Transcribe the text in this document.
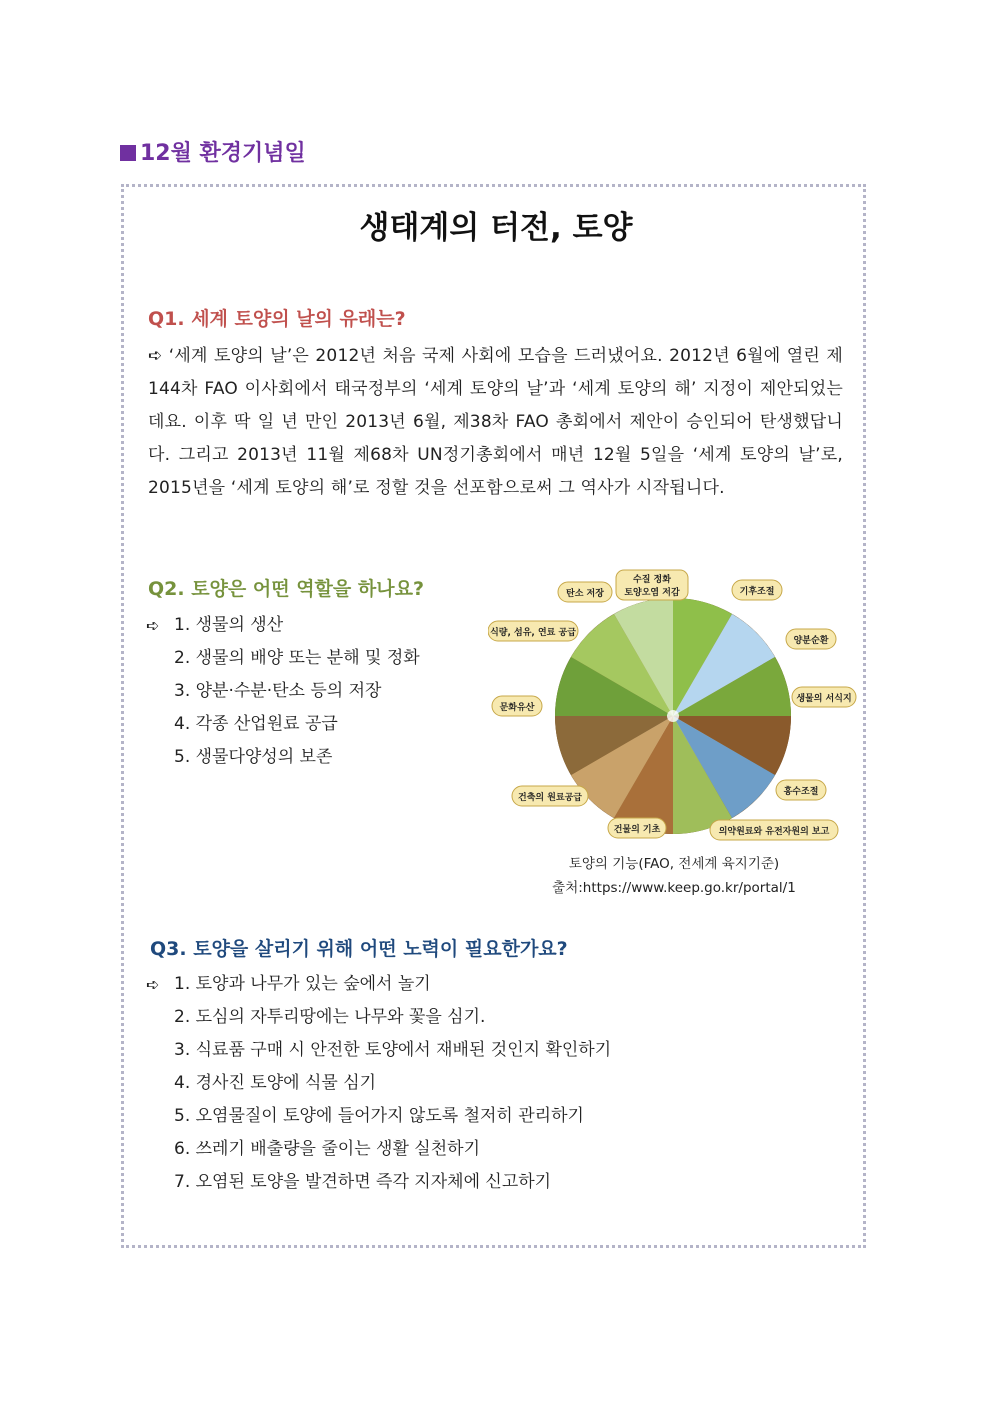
12월 환경기념일
생태계의 터전, 토양
Q1. 세계 토양의 날의 유래는?
➪ ‘세계 토양의 날’은 2012년 처음 국제 사회에 모습을 드러냈어요. 2012년 6월에 열린 제144차 FAO 이사회에서 태국정부의 ‘세계 토양의 날’과 ‘세계 토양의 해’ 지정이 제안되었는데요. 이후 딱 일 년 만인 2013년 6월, 제38차 FAO 총회에서 제안이 승인되어 탄생했답니다. 그리고 2013년 11월 제68차 UN정기총회에서 매년 12월 5일을 ‘세계 토양의 날’로, 2015년을 ‘세계 토양의 해’로 정할 것을 선포함으로써 그 역사가 시작됩니다.
Q2. 토양은 어떤 역할을 하나요?
➪ 1. 생물의 생산
2. 생물의 배양 또는 분해 및 정화
3. 양분·수분·탄소 등의 저장
4. 각종 산업원료 공급
5. 생물다양성의 보존
탄소 저장
수질 정화
토양오염 저감	기후조절
식량, 섬유, 연료 공급
양분순환
문화유산
생물의 서식지
건축의 원료공급
홍수조절
건물의 기초	의약원료와 유전자원의 보고
토양의 기능(FAO, 전세계 육지기준)
출처:https://www.keep.go.kr/portal/1
Q3. 토양을 살리기 위해 어떤 노력이 필요한가요?
➪ 1. 토양과 나무가 있는 숲에서 놀기
2. 도심의 자투리땅에는 나무와 꽃을 심기.
3. 식료품 구매 시 안전한 토양에서 재배된 것인지 확인하기
4. 경사진 토양에 식물 심기
5. 오염물질이 토양에 들어가지 않도록 철저히 관리하기
6. 쓰레기 배출량을 줄이는 생활 실천하기
7. 오염된 토양을 발견하면 즉각 지자체에 신고하기
